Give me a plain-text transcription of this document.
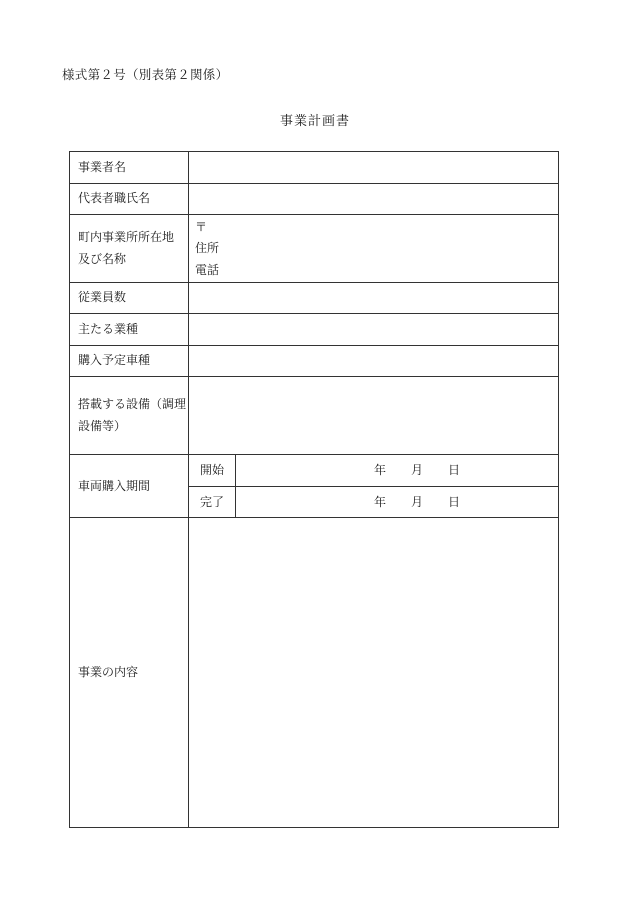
様式第２号（別表第２関係）
事業計画書
事業者名
代表者職氏名
町内事業所所在地
及び名称
従業員数
主たる業種
購入予定車種
搭載する設備（調理
設備等）
車両購入期間
事業の内容
〒
住所
電話
開始
完了
年 月 日
年 月 日
